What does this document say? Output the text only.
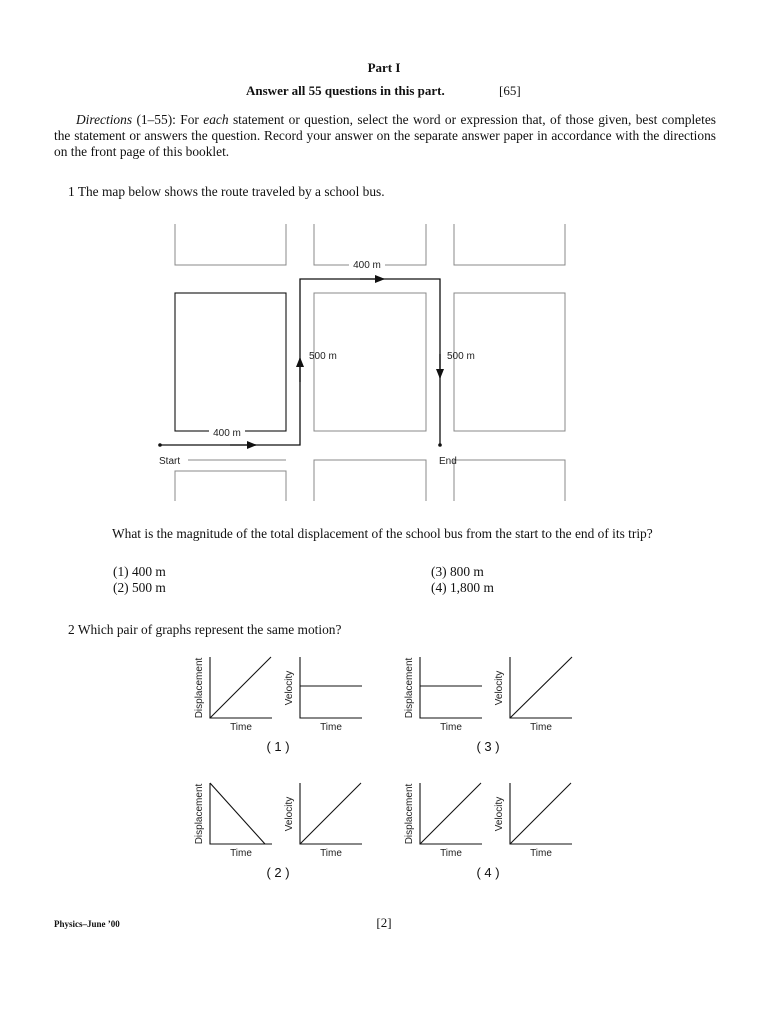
Part I
Answer all 55 questions in this part.	[65]
Directions (1–55): For each statement or question, select the word or expression that, of those given, best completes the statement or answers the question. Record your answer on the separate answer paper in accordance with the directions on the front page of this booklet.
1 The map below shows the route traveled by a school bus.
400 m
400 m
500 m	500 m
Start	End
What is the magnitude of the total displacement of the school bus from the start to the end of its trip?
(1) 400 m
(2) 500 m
(3) 800 m
(4) 1,800 m
2 Which pair of graphs represent the same motion?
Displacement
Time
Velocity
Time
Displacement
Time
Velocity
Time
Displacement
Time
Velocity
Time
Displacement
Time
Velocity
Time
( 1 )	( 3 )
( 2 )	( 4 )
Physics–June ’00	[2]
